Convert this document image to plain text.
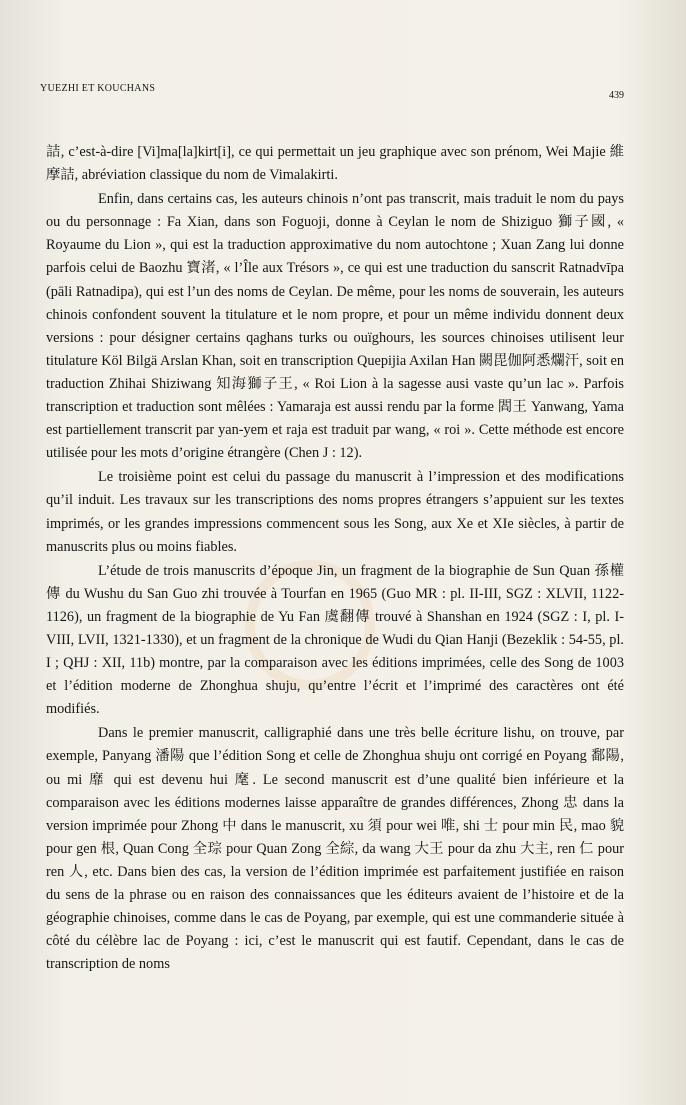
YUEZHI ET KOUCHANS
439

詰, c’est-à-dire [Vi]ma[la]kirt[i], ce qui permettait un jeu graphique avec son prénom, Wei Majie 維摩詰, abréviation classique du nom de Vimalakirti.

Enfin, dans certains cas, les auteurs chinois n’ont pas transcrit, mais traduit le nom du pays ou du personnage : Fa Xian, dans son Foguoji, donne à Ceylan le nom de Shiziguo 獅子國, « Royaume du Lion », qui est la traduction approximative du nom autochtone ; Xuan Zang lui donne parfois celui de Baozhu 寶渚, « l’Île aux Trésors », ce qui est une traduction du sanscrit Ratnadvīpa (pāli Ratnadipa), qui est l’un des noms de Ceylan. De même, pour les noms de souverain, les auteurs chinois confondent souvent la titulature et le nom propre, et pour un même individu donnent deux versions : pour désigner certains qaghans turks ou ouïghours, les sources chinoises utilisent leur titulature Köl Bilgä Arslan Khan, soit en transcription Quepijia Axilan Han 闕毘伽阿悉爛汗, soit en traduction Zhihai Shiziwang 知海獅子王, « Roi Lion à la sagesse ausi vaste qu’un lac ». Parfois transcription et traduction sont mêlées : Yamaraja est aussi rendu par la forme 閻王 Yanwang, Yama est partiellement transcrit par yan-yem et raja est traduit par wang, « roi ». Cette méthode est encore utilisée pour les mots d’origine étrangère (Chen J : 12).

Le troisième point est celui du passage du manuscrit à l’impression et des modifications qu’il induit. Les travaux sur les transcriptions des noms propres étrangers s’appuient sur les textes imprimés, or les grandes impressions commencent sous les Song, aux Xe et XIe siècles, à partir de manuscrits plus ou moins fiables.

L’étude de trois manuscrits d’époque Jin, un fragment de la biographie de Sun Quan 孫權傳 du Wushu du San Guo zhi trouvée à Tourfan en 1965 (Guo MR : pl. II-III, SGZ : XLVII, 1122-1126), un fragment de la biographie de Yu Fan 虞翻傳 trouvé à Shanshan en 1924 (SGZ : I, pl. I-VIII, LVII, 1321-1330), et un fragment de la chronique de Wudi du Qian Hanji (Bezeklik : 54-55, pl. I ; QHJ : XII, 11b) montre, par la comparaison avec les éditions imprimées, celle des Song de 1003 et l’édition moderne de Zhonghua shuju, qu’entre l’écrit et l’imprimé des caractères ont été modifiés.

Dans le premier manuscrit, calligraphié dans une très belle écriture lishu, on trouve, par exemple, Panyang 潘陽 que l’édition Song et celle de Zhonghua shuju ont corrigé en Poyang 鄱陽, ou mi 靡 qui est devenu hui 麾. Le second manuscrit est d’une qualité bien inférieure et la comparaison avec les éditions modernes laisse apparaître de grandes différences, Zhong 忠 dans la version imprimée pour Zhong 中 dans le manuscrit, xu 須 pour wei 唯, shi 士 pour min 民, mao 貌 pour gen 根, Quan Cong 全琮 pour Quan Zong 全綜, da wang 大王 pour da zhu 大主, ren 仁 pour ren 人, etc. Dans bien des cas, la version de l’édition imprimée est parfaitement justifiée en raison du sens de la phrase ou en raison des connaissances que les éditeurs avaient de l’histoire et de la géographie chinoises, comme dans le cas de Poyang, par exemple, qui est une commanderie située à côté du célèbre lac de Poyang : ici, c’est le manuscrit qui est fautif. Cependant, dans le cas de transcription de noms
